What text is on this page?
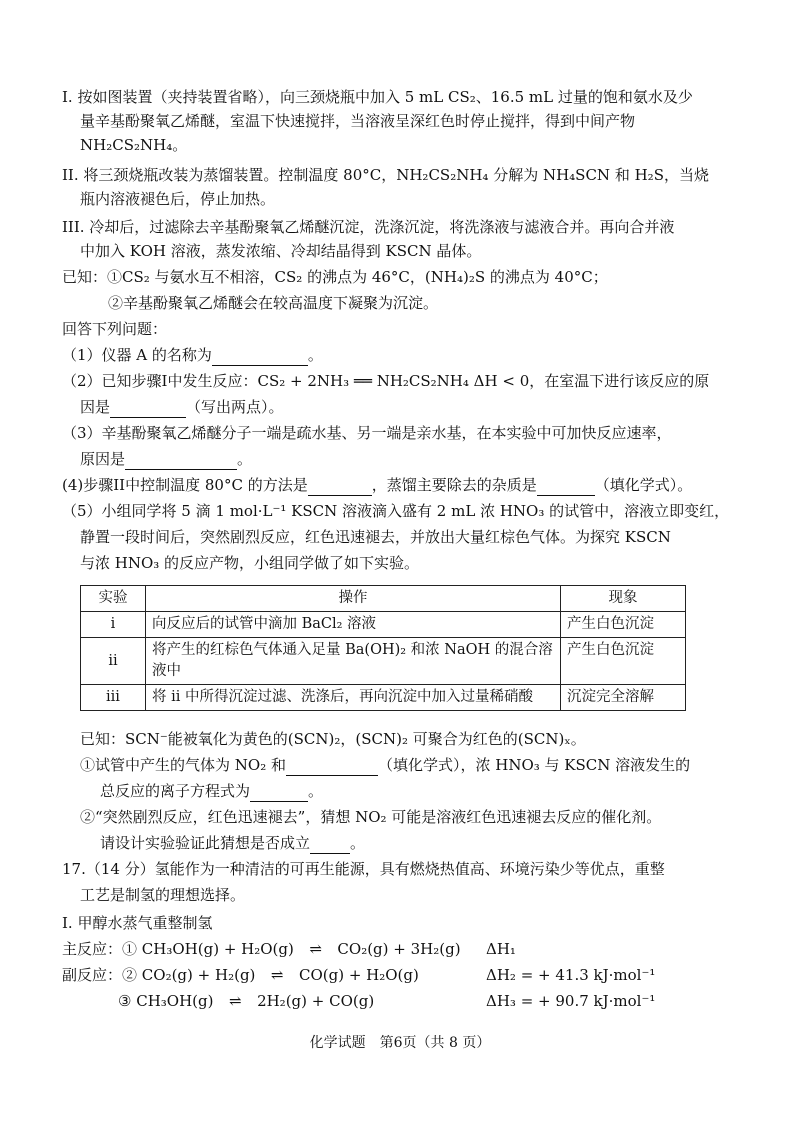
I. 按如图装置（夹持装置省略），向三颈烧瓶中加入 5 mL CS₂、16.5 mL 过量的饱和氨水及少
量辛基酚聚氧乙烯醚，室温下快速搅拌，当溶液呈深红色时停止搅拌，得到中间产物
NH₂CS₂NH₄。
II. 将三颈烧瓶改装为蒸馏装置。控制温度 80°C，NH₂CS₂NH₄ 分解为 NH₄SCN 和 H₂S，当烧
瓶内溶液褪色后，停止加热。
III. 冷却后，过滤除去辛基酚聚氧乙烯醚沉淀，洗涤沉淀，将洗涤液与滤液合并。再向合并液
中加入 KOH 溶液，蒸发浓缩、冷却结晶得到 KSCN 晶体。
已知：①CS₂ 与氨水互不相溶，CS₂ 的沸点为 46°C，(NH₄)₂S 的沸点为 40°C；
②辛基酚聚氧乙烯醚会在较高温度下凝聚为沉淀。
回答下列问题：
（1）仪器 A 的名称为	。
（2）已知步骤I中发生反应：CS₂ + 2NH₃ ══ NH₂CS₂NH₄ ΔH < 0，在室温下进行该反应的原
因是	（写出两点）。
（3）辛基酚聚氧乙烯醚分子一端是疏水基、另一端是亲水基，在本实验中可加快反应速率，
原因是	。
(4)步骤II中控制温度 80°C 的方法是	，蒸馏主要除去的杂质是	（填化学式）。
（5）小组同学将 5 滴 1 mol·L⁻¹ KSCN 溶液滴入盛有 2 mL 浓 HNO₃ 的试管中，溶液立即变红，
静置一段时间后，突然剧烈反应，红色迅速褪去，并放出大量红棕色气体。为探究 KSCN
与浓 HNO₃ 的反应产物，小组同学做了如下实验。
实验	操作	现象
i	向反应后的试管中滴加 BaCl₂ 溶液	产生白色沉淀
ii	将产生的红棕色气体通入足量 Ba(OH)₂ 和浓 NaOH 的混合溶液中	产生白色沉淀
iii	将 ii 中所得沉淀过滤、洗涤后，再向沉淀中加入过量稀硝酸	沉淀完全溶解
已知：SCN⁻能被氧化为黄色的(SCN)₂，(SCN)₂ 可聚合为红色的(SCN)ₓ。
①试管中产生的气体为 NO₂ 和	（填化学式），浓 HNO₃ 与 KSCN 溶液发生的
总反应的离子方程式为	。
②“突然剧烈反应，红色迅速褪去”，猜想 NO₂ 可能是溶液红色迅速褪去反应的催化剂。
请设计实验验证此猜想是否成立	。
17.（14 分）氢能作为一种清洁的可再生能源，具有燃烧热值高、环境污染少等优点，重整
工艺是制氢的理想选择。
I. 甲醇水蒸气重整制氢
主反应：① CH₃OH(g) + H₂O(g) ⇌ CO₂(g) + 3H₂(g) ΔH₁
副反应：② CO₂(g) + H₂(g) ⇌ CO(g) + H₂O(g)	ΔH₂ = + 41.3 kJ·mol⁻¹
③ CH₃OH(g) ⇌ 2H₂(g) + CO(g)	ΔH₃ = + 90.7 kJ·mol⁻¹
化学试题　第6页（共 8 页）
